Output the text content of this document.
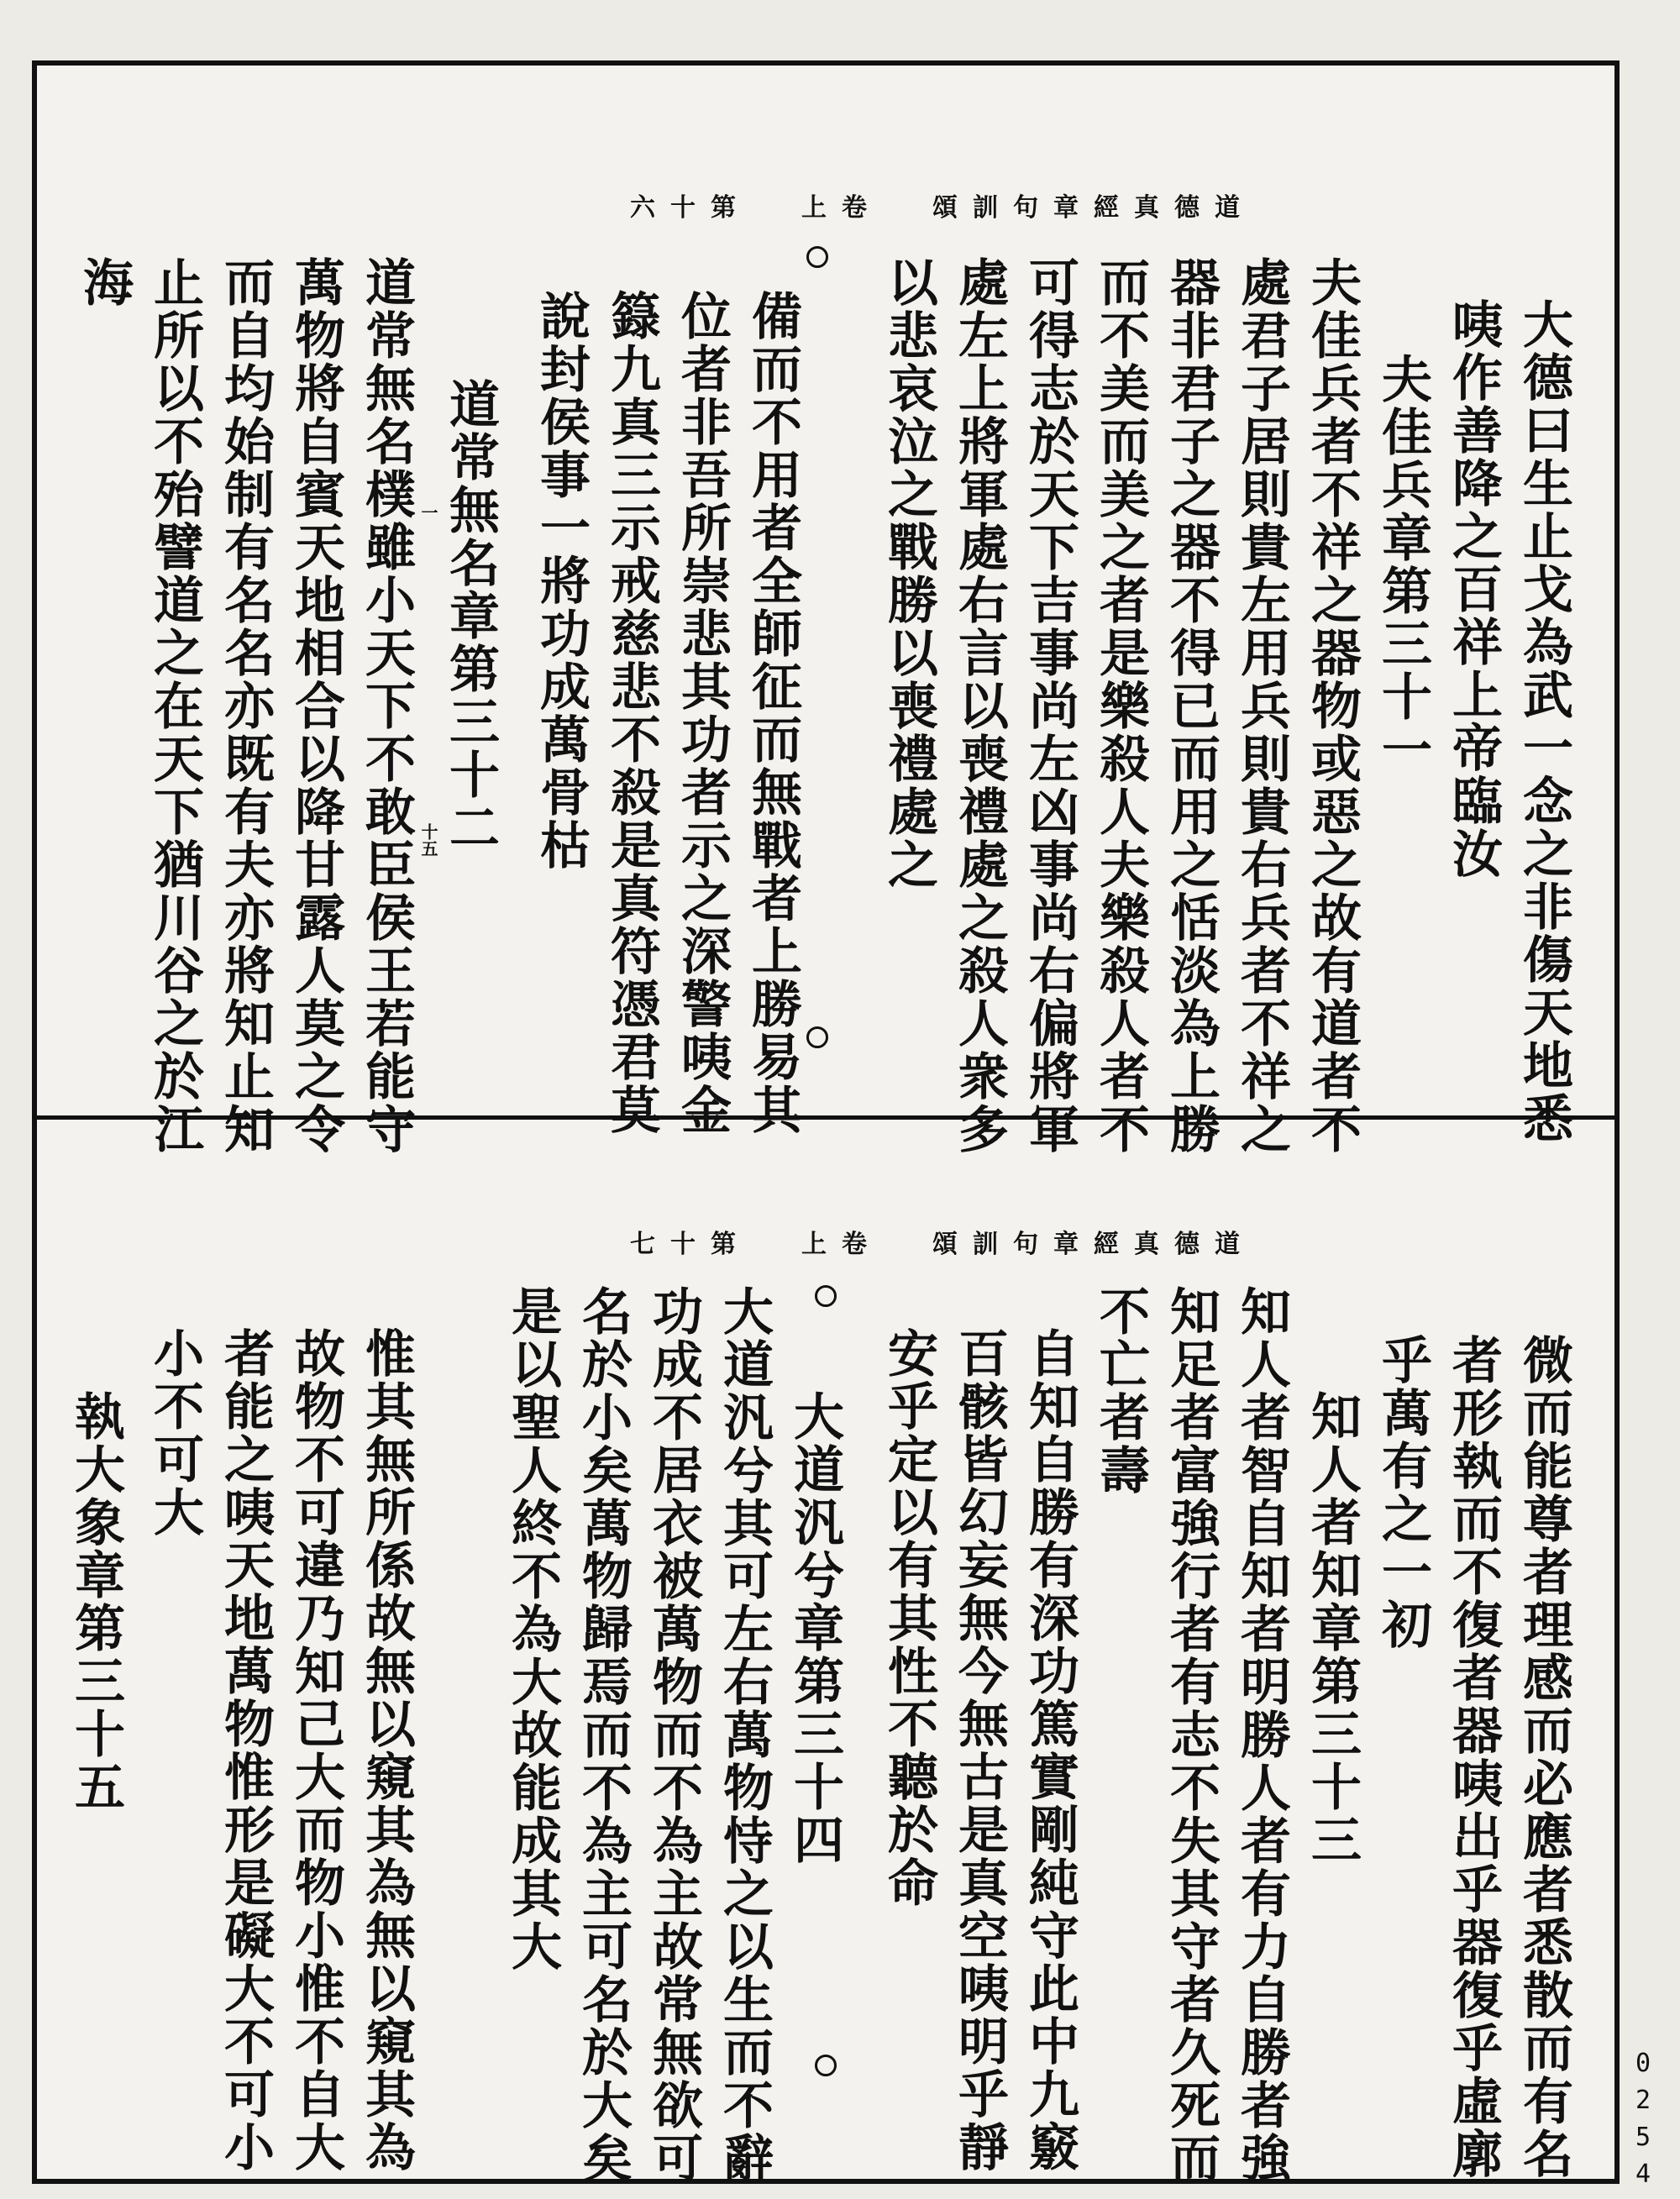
0
2
5
4
道德真經章句訓頌卷上第十六
大德曰生止戈為武一念之非傷天地悉
咦作善降之百祥上帝臨汝
夫佳兵章第三十一
夫佳兵者不祥之器物或惡之故有道者不
處君子居則貴左用兵則貴右兵者不祥之
器非君子之器不得已而用之恬淡為上勝
而不美而美之者是樂殺人夫樂殺人者不
可得志於天下吉事尚左凶事尚右偏將軍
處左上將軍處右言以喪禮處之殺人衆多
以悲哀泣之戰勝以喪禮處之
備而不用者全師征而無戰者上勝易其
位者非吾所崇悲其功者示之深警咦金
籙九真三示戒慈悲不殺是真符憑君莫
說封侯事一將功成萬骨枯
道常無名章第三十二
一
十五
道常無名樸雖小天下不敢臣侯王若能守
萬物將自賓天地相合以降甘露人莫之令
而自均始制有名名亦既有夫亦將知止知
止所以不殆譬道之在天下猶川谷之於江
海
道德真經章句訓頌卷上第十七
微而能尊者理感而必應者悉散而有名
者形執而不復者器咦出乎器復乎虛廓
乎萬有之一初
知人者知章第三十三
知人者智自知者明勝人者有力自勝者強
知足者富強行者有志不失其守者久死而
不亡者壽
自知自勝有深功篤實剛純守此中九竅
百骸皆幻妄無今無古是真空咦明乎靜
安乎定以有其性不聽於命
大道汎兮章第三十四
大道汎兮其可左右萬物恃之以生而不辭
功成不居衣被萬物而不為主故常無欲可
名於小矣萬物歸焉而不為主可名於大矣
是以聖人終不為大故能成其大
惟其無所係故無以窺其為無以窺其為
故物不可違乃知己大而物小惟不自大
者能之咦天地萬物惟形是礙大不可小
小不可大
執大象章第三十五
